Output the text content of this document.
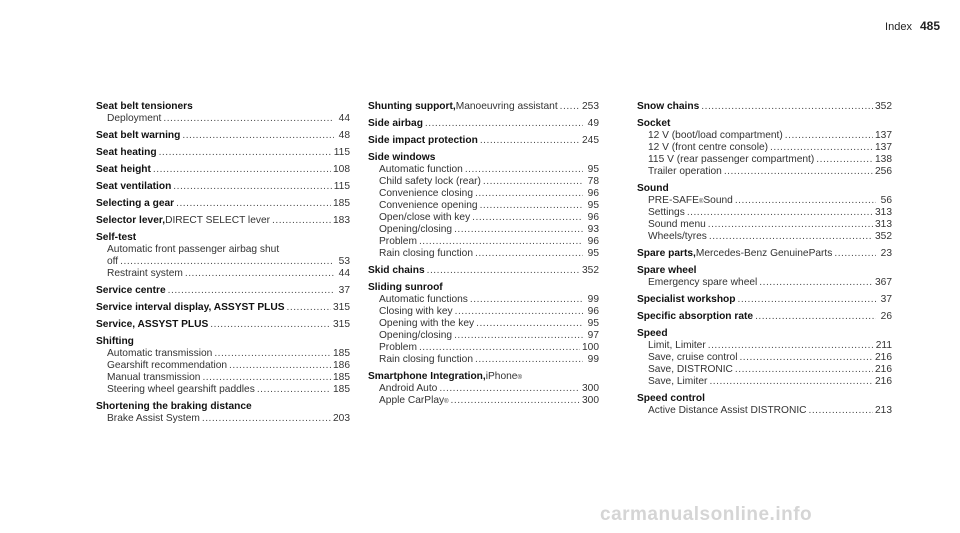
Index 485
Seat belt tensioners
Deployment .....	44
Seat belt warning .....	48
Seat heating .....	115
Seat height .....	108
Seat ventilation .....	115
Selecting a gear .....	185
Selector lever, DIRECT SELECT lever .....	183
Self-test
Automatic front passenger airbag shut
off .....	53
Restraint system .....	44
Service centre .....	37
Service interval display, ASSYST PLUS .....	315
Service, ASSYST PLUS .....	315
Shifting
Automatic transmission .....	185
Gearshift recommendation .....	186
Manual transmission .....	185
Steering wheel gearshift paddles .....	185
Shortening the braking distance
Brake Assist System .....	203
Shunting support, Manoeuvring assistant ..... 253
Side airbag .....	49
Side impact protection .....	245
Side windows
Automatic function .....	95
Child safety lock (rear) .....	78
Convenience closing .....	96
Convenience opening .....	95
Open/close with key .....	96
Opening/closing .....	93
Problem .....	96
Rain closing function .....	95
Skid chains .....	352
Sliding sunroof
Automatic functions .....	99
Closing with key .....	96
Opening with the key .....	95
Opening/closing .....	97
Problem .....	100
Rain closing function .....	99
Smartphone Integration, iPhone ®
Android Auto .....	300
Apple CarPlay ® .....	300
Snow chains .....	352
Socket
12 V (boot/load compartment) .....	137
12 V (front centre console) .....	137
115 V (rear passenger compartment) .....	138
Trailer operation .....	256
Sound
PRE-SAFE ® Sound .....	56
Settings .....	313
Sound menu .....	313
Wheels/tyres .....	352
Spare parts, Mercedes-Benz GenuineParts .....	23
Spare wheel
Emergency spare wheel .....	367
Specialist workshop .....	37
Specific absorption rate .....	26
Speed
Limit, Limiter .....	211
Save, cruise control .....	216
Save, DISTRONIC .....	216
Save, Limiter .....	216
Speed control
Active Distance Assist DISTRONIC .....	213
carmanualsonline.info
